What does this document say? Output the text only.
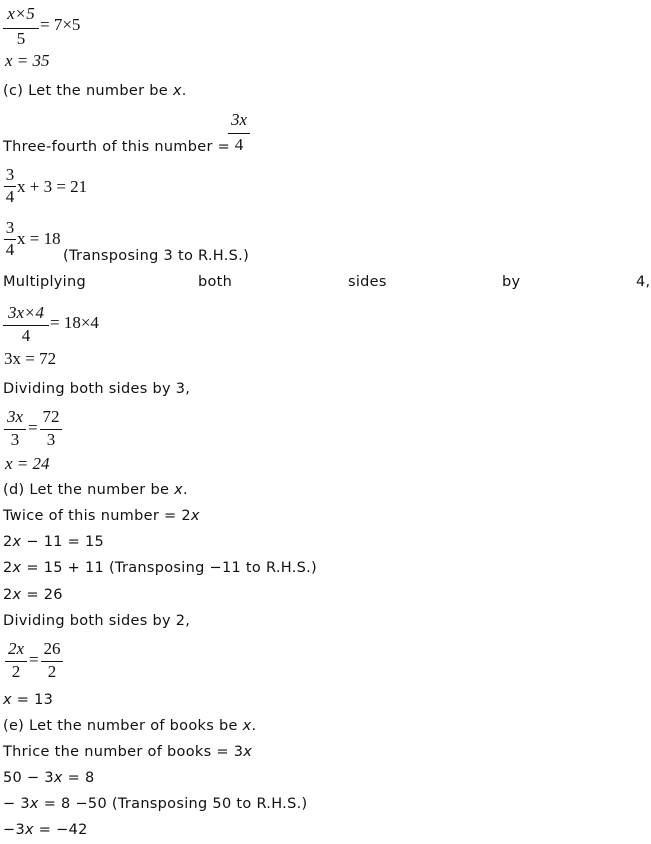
x×5
5
= 7×5
x = 35
(c) Let the number be x.
Three-fourth of this number =
3x
4
3
4
x + 3 = 21
3
4
x = 18
(Transposing 3 to R.H.S.)
Multiplying	both	sides	by	4,
3x×4
4
= 18×4
3x = 72
Dividing both sides by 3,
3x
3
=
72
3
x = 24
(d) Let the number be x.
Twice of this number = 2x
2x − 11 = 15
2x = 15 + 11 (Transposing −11 to R.H.S.)
2x = 26
Dividing both sides by 2,
2x
2
=
26
2
x = 13
(e) Let the number of books be x.
Thrice the number of books = 3x
50 − 3x = 8
− 3x = 8 −50 (Transposing 50 to R.H.S.)
−3x = −42
